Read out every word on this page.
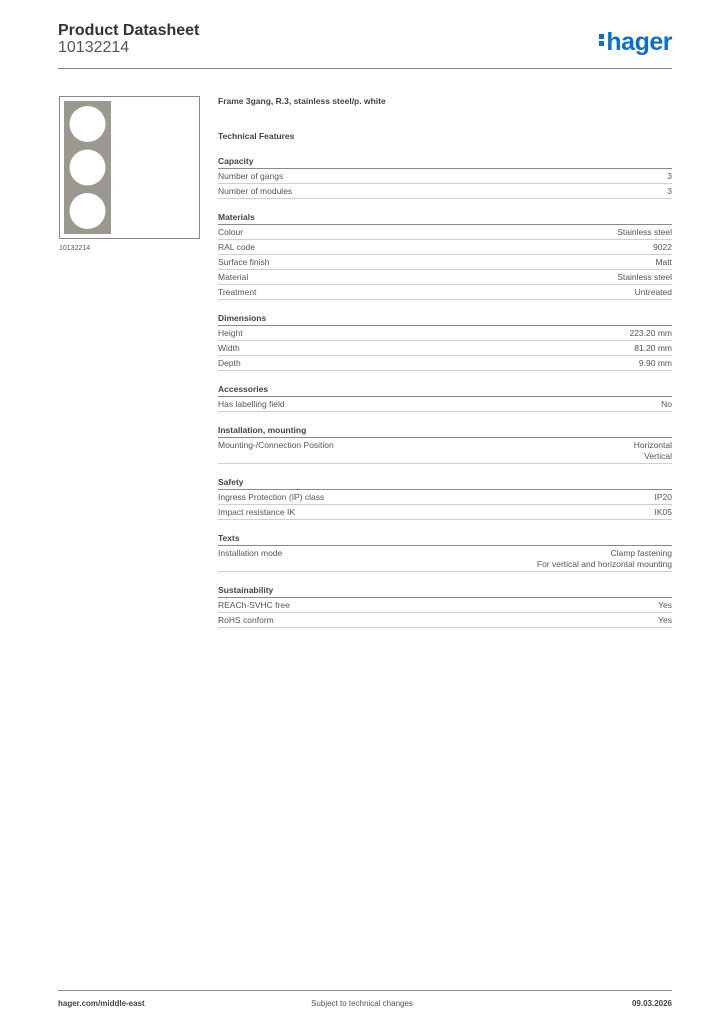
Product Datasheet
10132214	hager
10132214
Frame 3gang, R.3, stainless steel/p. white
Technical Features
Capacity
Number of gangs	3
Number of modules	3
Materials
Colour	Stainless steel
RAL code	9022
Surface finish	Matt
Material	Stainless steel
Treatment	Untreated
Dimensions
Height	223.20 mm
Width	81.20 mm
Depth	9.90 mm
Accessories
Has labelling field	No
Installation, mounting
Mounting-/Connection Position	Horizontal
Vertical
Safety
Ingress Protection (IP) class	IP20
Impact resistance IK	IK05
Texts
Installation mode	Clamp fastening
For vertical and horizontal mounting
Sustainability
REACh-SVHC free	Yes
RoHS conform	Yes
hager.com/middle-east	Subject to technical changes	09.03.2026
